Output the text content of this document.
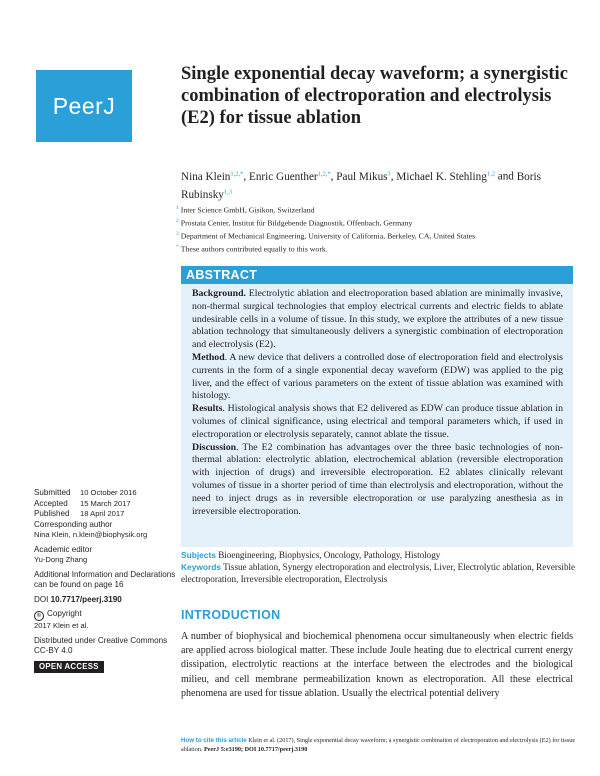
PeerJ
Single exponential decay waveform; a synergistic combination of electroporation and electrolysis (E2) for tissue ablation
Nina Klein$^{1,2,*}$, Enric Guenther$^{1,2,*}$, Paul Mikus$^1$, Michael K. Stehling$^{1,2}$ and Boris Rubinsky$^{1,3}$
$^1$ Inter Science GmbH, Gisikon, Switzerland
$^2$ Prostata Center, Institut für Bildgebende Diagnostik, Offenbach, Germany
$^3$ Department of Mechanical Engineering, University of California, Berkeley, CA, United States
* These authors contributed equally to this work.
ABSTRACT

Background. Electrolytic ablation and electroporation based ablation are minimally invasive, non-thermal surgical technologies that employ electrical currents and electric fields to ablate undesirable cells in a volume of tissue. In this study, we explore the attributes of a new tissue ablation technology that simultaneously delivers a synergistic combination of electroporation and electrolysis (E2).

Method. A new device that delivers a controlled dose of electroporation field and electrolysis currents in the form of a single exponential decay waveform (EDW) was applied to the pig liver, and the effect of various parameters on the extent of tissue ablation was examined with histology.

Results. Histological analysis shows that E2 delivered as EDW can produce tissue ablation in volumes of clinical significance, using electrical and temporal parameters which, if used in electroporation or electrolysis separately, cannot ablate the tissue.

Discussion. The E2 combination has advantages over the three basic technologies of non-thermal ablation: electrolytic ablation, electrochemical ablation (reversible electroporation with injection of drugs) and irreversible electroporation. E2 ablates clinically relevant volumes of tissue in a shorter period of time than electrolysis and electroporation, without the need to inject drugs as in reversible electroporation or use paralyzing anesthesia as in irreversible electroporation.

Submitted	10 October 2016
Accepted	15 March 2017
Published	18 April 2017
Corresponding author
Nina Klein, n.klein@biophysik.org
Academic editor
Yu-Dong Zhang
Additional Information and Declarations can be found on page 16
DOI 10.7717/peerj.3190
© Copyright
2017 Klein et al.
Distributed under Creative Commons CC-BY 4.0
OPEN ACCESS
Subjects Bioengineering, Biophysics, Oncology, Pathology, Histology
Keywords Tissue ablation, Synergy electroporation and electrolysis, Liver, Electrolytic ablation, Reversible electroporation, Irreversible electroporation, Electrolysis
INTRODUCTION

A number of biophysical and biochemical phenomena occur simultaneously when electric fields are applied across biological matter. These include Joule heating due to electrical current energy dissipation, electrolytic reactions at the interface between the electrodes and the biological milieu, and cell membrane permeabilization known as electroporation. All these electrical phenomena are used for tissue ablation. Usually the electrical potential delivery

How to cite this article Klein et al. (2017), Single exponential decay waveform; a synergistic combination of electroporation and electrolysis (E2) for tissue ablation. PeerJ 5:e3190; DOI 10.7717/peerj.3190
